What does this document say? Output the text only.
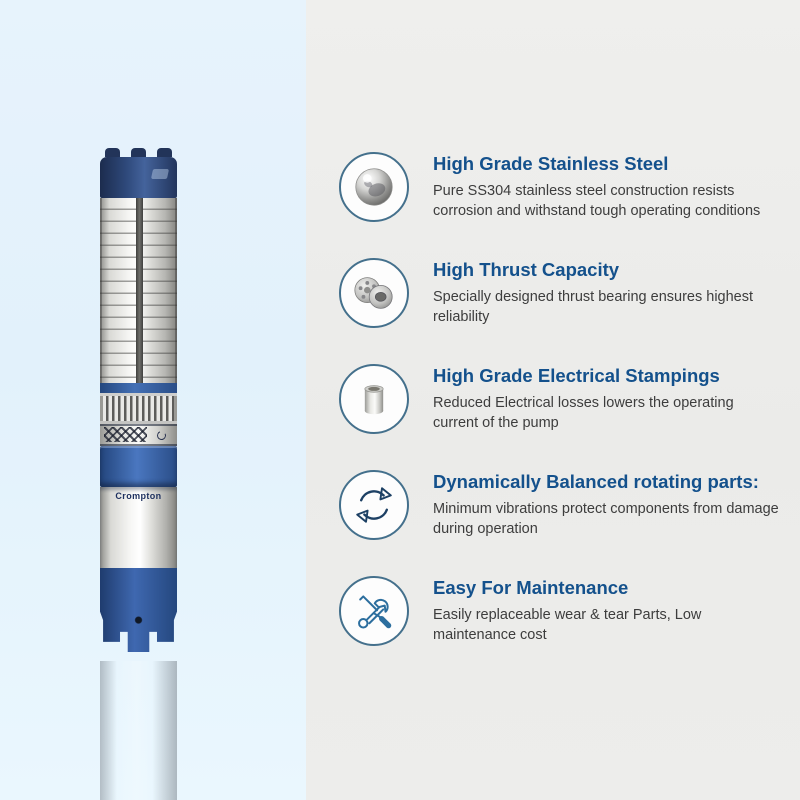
Crompton
High Grade Stainless Steel

Pure SS304 stainless steel construction resists
corrosion and withstand tough operating conditions

High Thrust Capacity

Specially designed thrust bearing ensures highest
reliability

High Grade Electrical Stampings

Reduced Electrical losses lowers the operating
current of the pump

Dynamically Balanced rotating parts:

Minimum vibrations protect components from damage
during operation

Easy For Maintenance

Easily replaceable wear & tear Parts, Low
maintenance cost
